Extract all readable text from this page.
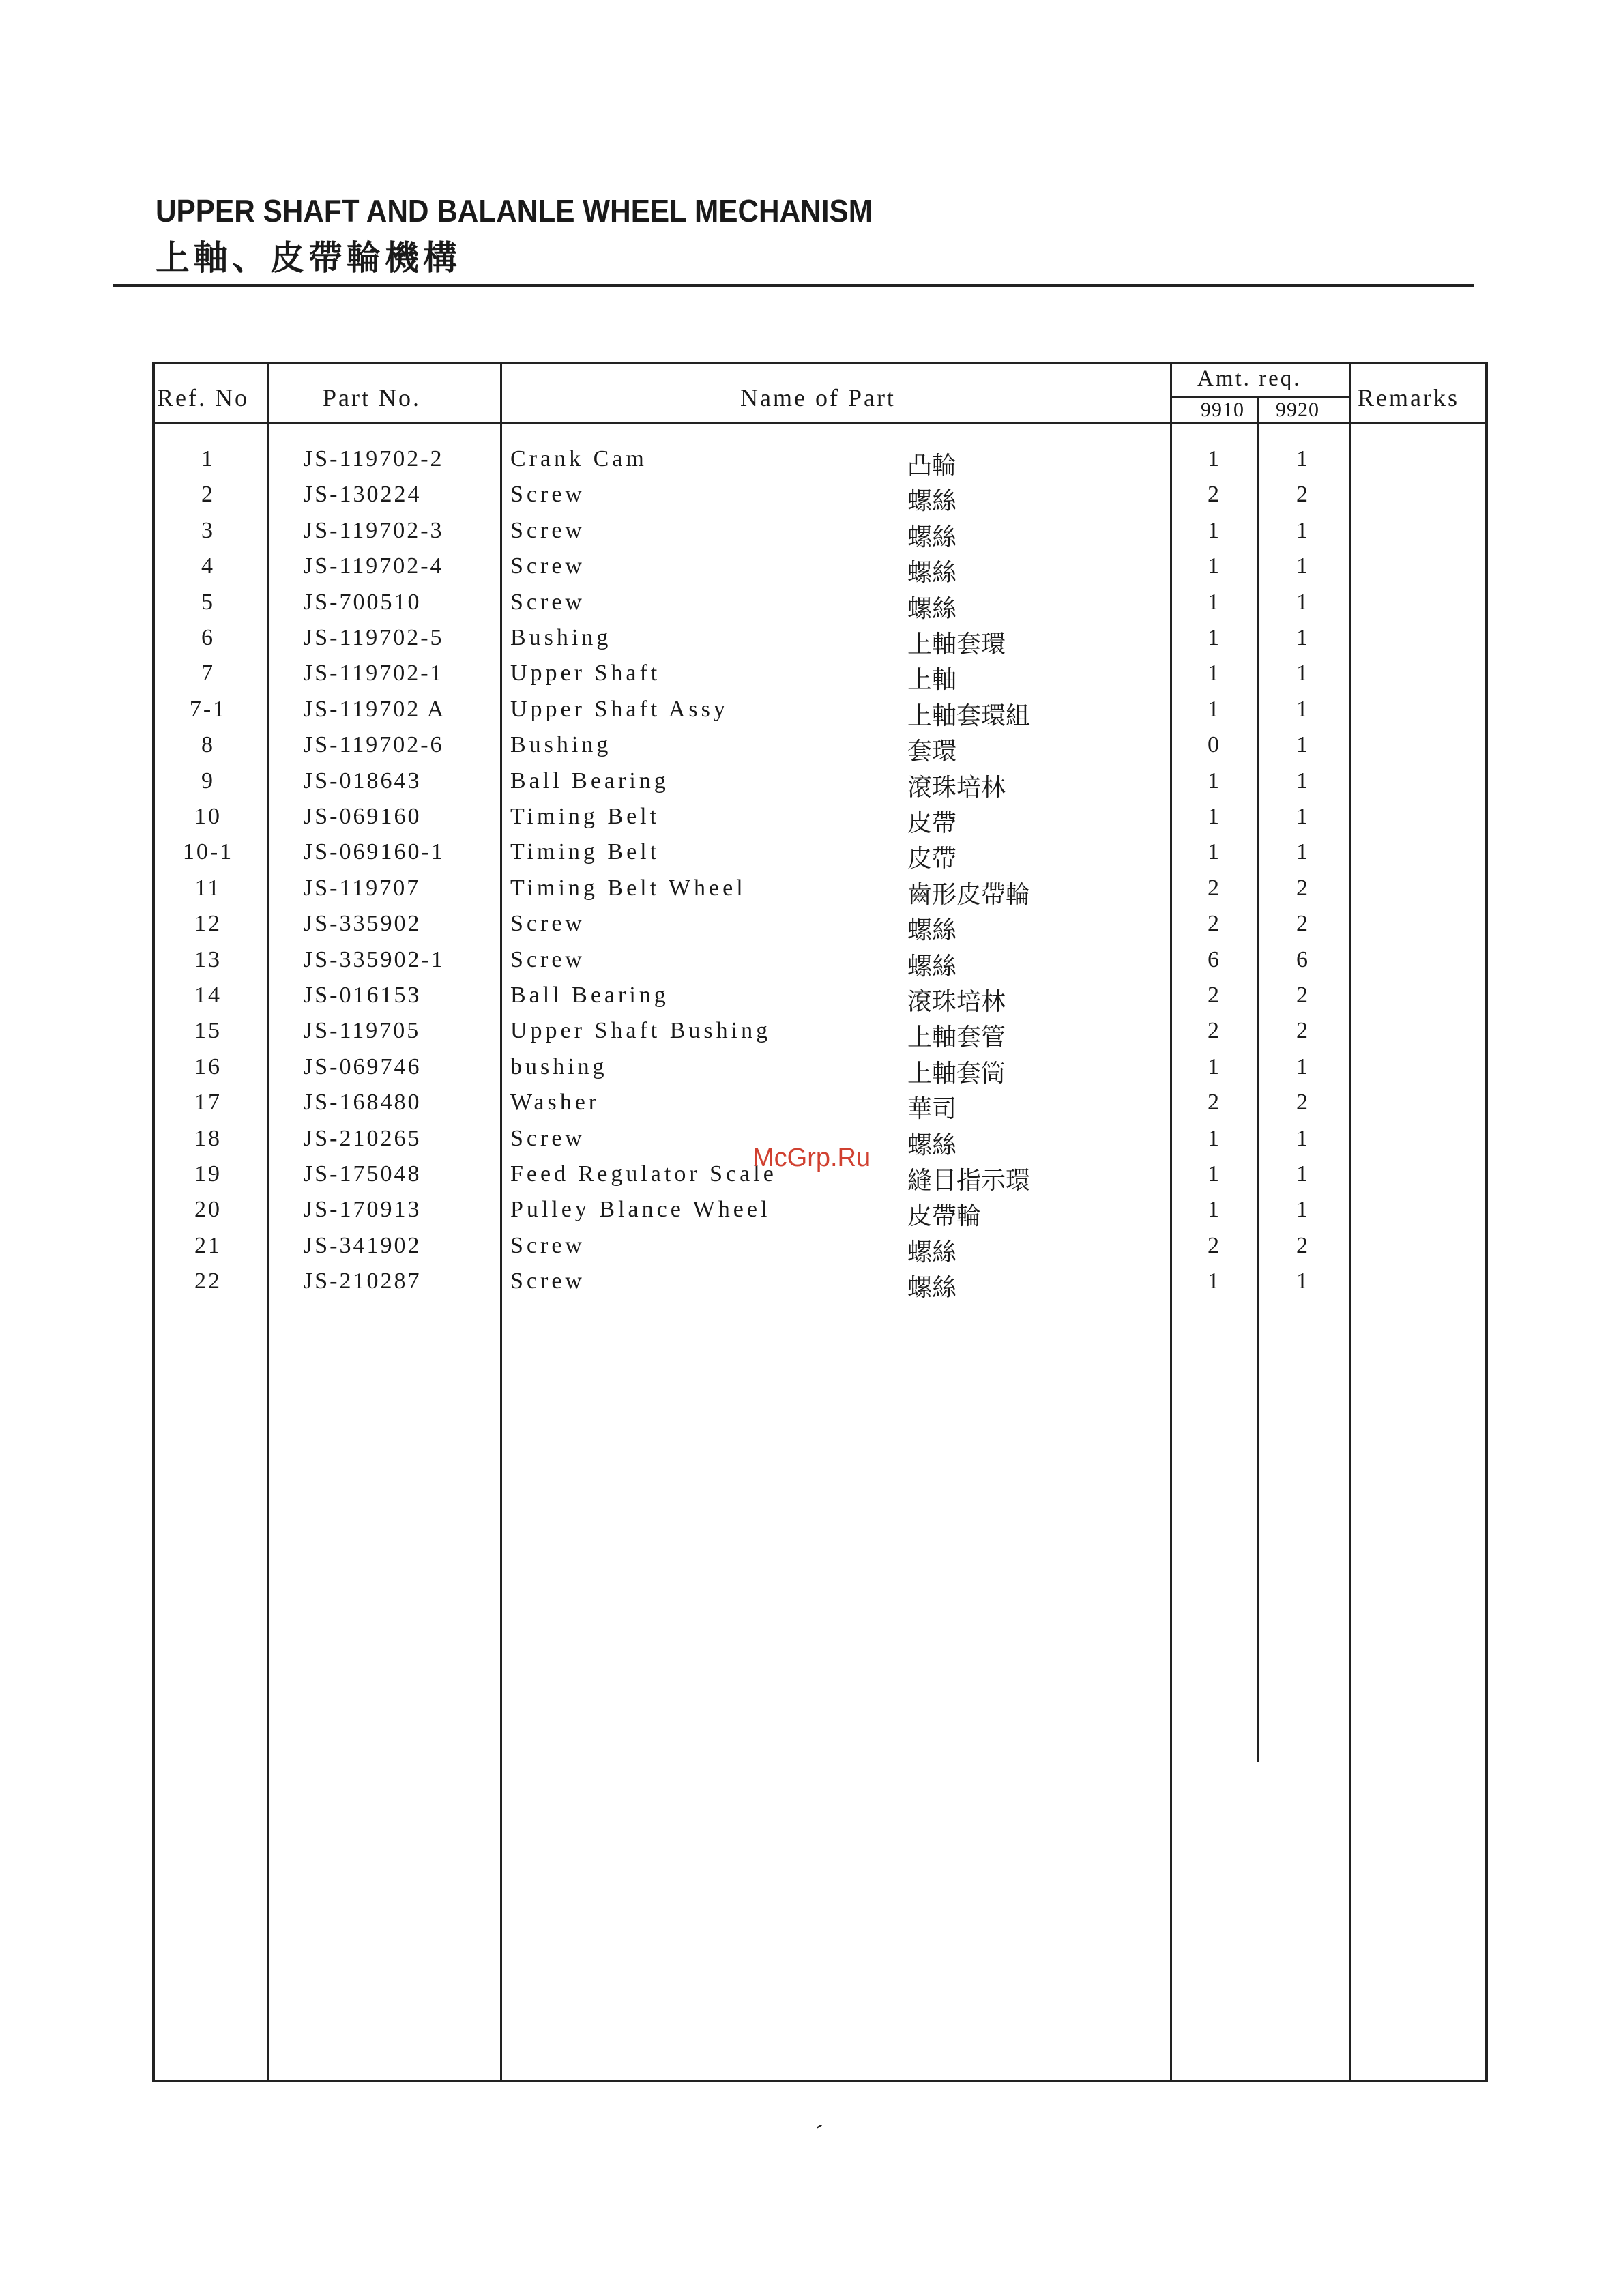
UPPER SHAFT AND BALANLE WHEEL MECHANISM
上軸、皮帶輪機構
Ref. No	Part No.	Name of Part
Amt. req.
9910 9920 Remarks
1	JS-119702-2	Crank Cam	凸輪	1	1
2	JS-130224	Screw	螺絲	2	2
3	JS-119702-3	Screw	螺絲	1	1
4	JS-119702-4	Screw	螺絲	1	1
5	JS-700510	Screw	螺絲	1	1
6	JS-119702-5	Bushing	上軸套環	1	1
7	JS-119702-1	Upper Shaft	上軸	1	1
7-1	JS-119702 A	Upper Shaft Assy	上軸套環組	1	1
8	JS-119702-6	Bushing	套環	0	1
9	JS-018643	Ball Bearing	滾珠培林	1	1
10	JS-069160	Timing Belt	皮帶	1	1
10-1	JS-069160-1	Timing Belt	皮帶	1	1
11	JS-119707	Timing Belt Wheel	齒形皮帶輪	2	2
12	JS-335902	Screw	螺絲	2	2
13	JS-335902-1	Screw	螺絲	6	6
14	JS-016153	Ball Bearing	滾珠培林	2	2
15	JS-119705	Upper Shaft Bushing	上軸套管	2	2
16	JS-069746	bushing	上軸套筒	1	1
17	JS-168480	Washer	華司	2	2
18	JS-210265	Screw	螺絲	1	1
19	JS-175048	Feed Regulator Scale	縫目指示環	1	1
20	JS-170913	Pulley Blance Wheel	皮帶輪	1	1
21	JS-341902	Screw	螺絲	2	2
22	JS-210287	Screw	螺絲	1	1
McGrp.Ru
‐
